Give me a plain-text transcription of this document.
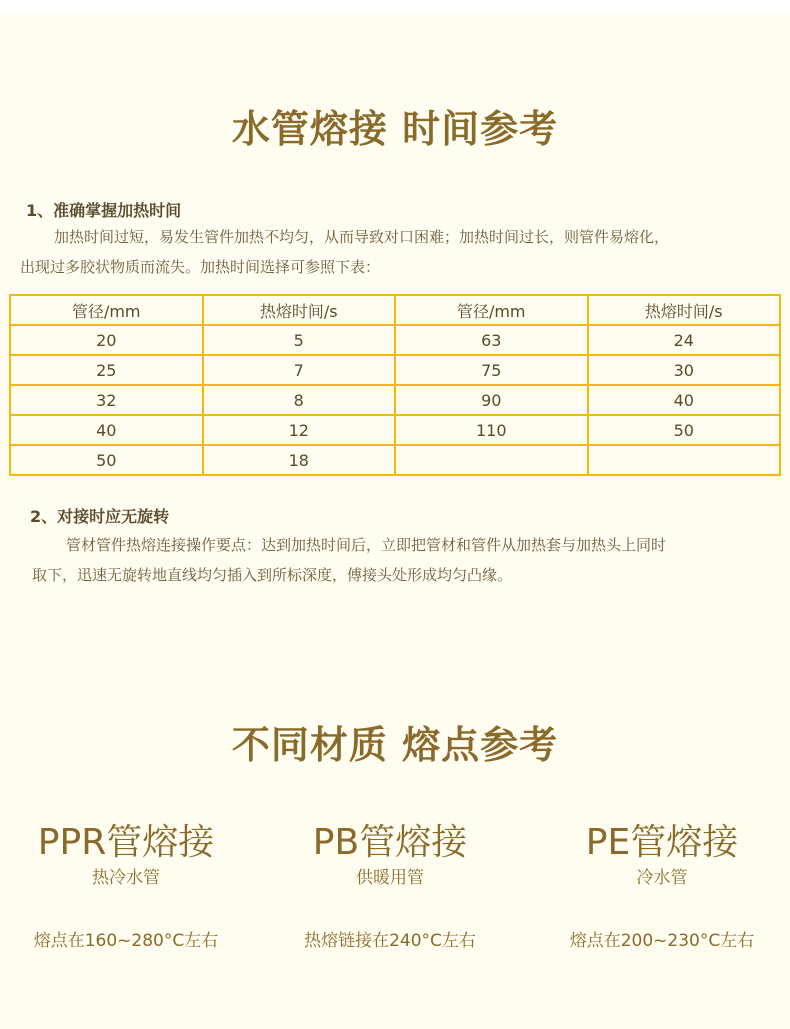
水管熔接 时间参考
1、准确掌握加热时间
加热时间过短，易发生管件加热不均匀，从而导致对口困难；加热时间过长，则管件易熔化，
出现过多胶状物质而流失。加热时间选择可参照下表：
管径/mm	热熔时间/s	管径/mm	热熔时间/s
20	5	63	24
25	7	75	30
32	8	90	40
40	12	110	50
50	18		
2、对接时应无旋转
管材管件热熔连接操作要点：达到加热时间后，立即把管材和管件从加热套与加热头上同时
取下，迅速无旋转地直线均匀插入到所标深度，傅接头处形成均匀凸缘。
不同材质 熔点参考
PPR管熔接
热冷水管
熔点在160~280°C左右
PB管熔接
供暖用管
热熔链接在240°C左右
PE管熔接
冷水管
熔点在200~230°C左右
